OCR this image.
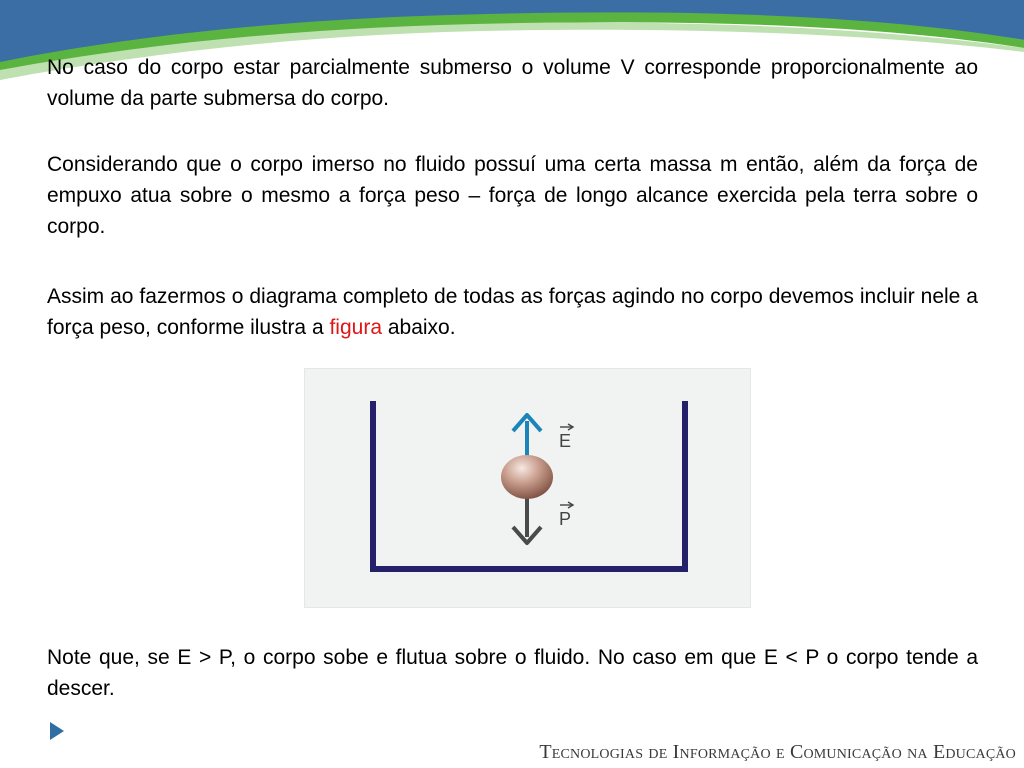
No caso do corpo estar parcialmente submerso o volume V corresponde proporcionalmente ao volume da parte submersa do corpo.

Considerando que o corpo imerso no fluido possuí uma certa massa m então, além da força de empuxo atua sobre o mesmo a força peso – força de longo alcance exercida pela terra sobre o corpo.

Assim ao fazermos o diagrama completo de todas as forças agindo no corpo devemos incluir nele a força peso, conforme ilustra a figura abaixo.

Note que, se E > P, o corpo sobe e flutua sobre o fluido. No caso em que E < P o corpo tende a descer.

E
P
Tecnologias de Informação e Comunicação na Educação
